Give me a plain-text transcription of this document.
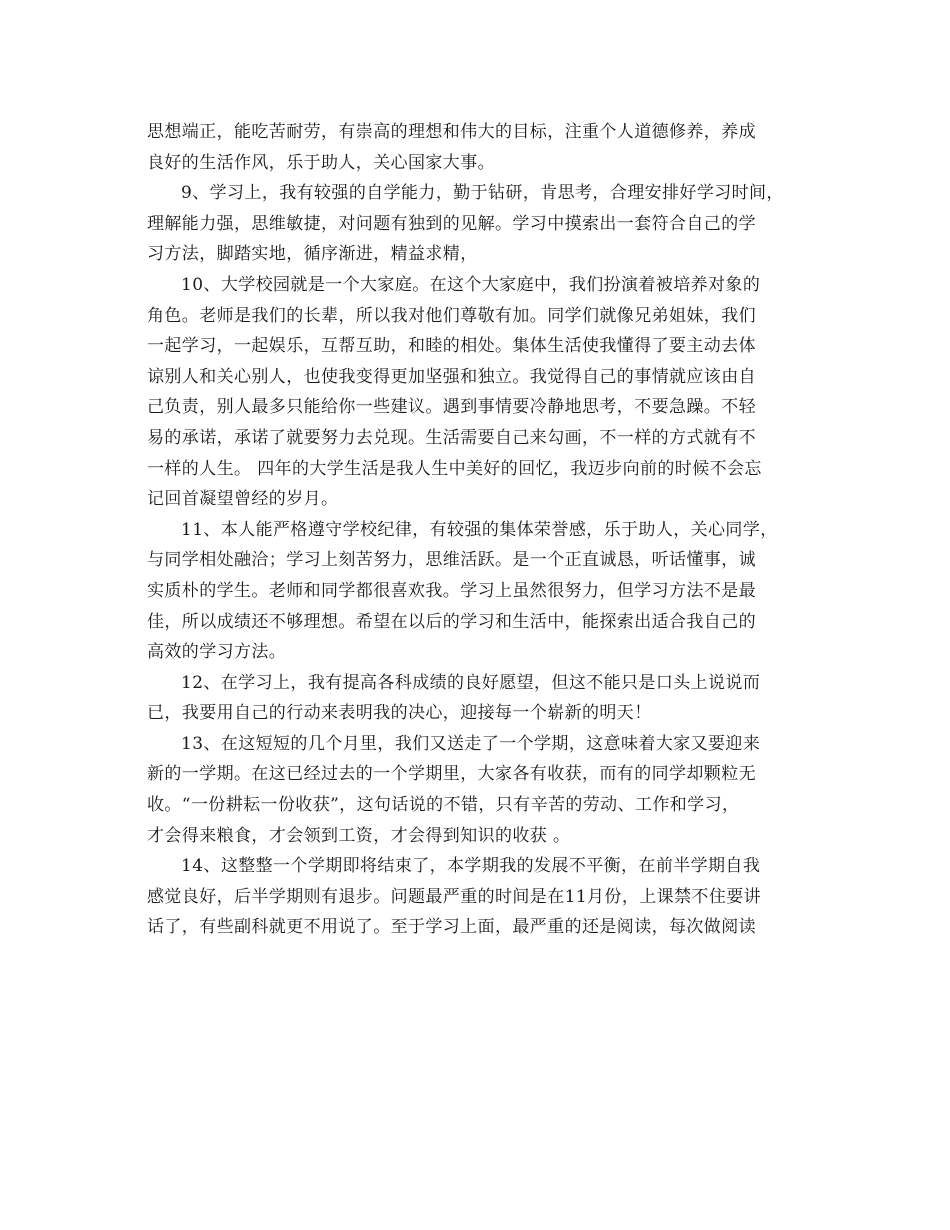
思想端正，能吃苦耐劳，有崇高的理想和伟大的目标，注重个人道德修养，养成
良好的生活作风，乐于助人，关心国家大事。
9、学习上，我有较强的自学能力，勤于钻研，肯思考，合理安排好学习时间，
理解能力强，思维敏捷，对问题有独到的见解。学习中摸索出一套符合自己的学
习方法，脚踏实地，循序渐进，精益求精，
10、大学校园就是一个大家庭。在这个大家庭中，我们扮演着被培养对象的
角色。老师是我们的长辈，所以我对他们尊敬有加。同学们就像兄弟姐妹，我们
一起学习，一起娱乐，互帮互助，和睦的相处。集体生活使我懂得了要主动去体
谅别人和关心别人，也使我变得更加坚强和独立。我觉得自己的事情就应该由自
己负责，别人最多只能给你一些建议。遇到事情要冷静地思考，不要急躁。不轻
易的承诺，承诺了就要努力去兑现。生活需要自己来勾画，不一样的方式就有不
一样的人生。 四年的大学生活是我人生中美好的回忆，我迈步向前的时候不会忘
记回首凝望曾经的岁月。
11、本人能严格遵守学校纪律，有较强的集体荣誉感，乐于助人，关心同学，
与同学相处融洽；学习上刻苦努力，思维活跃。是一个正直诚恳，听话懂事，诚
实质朴的学生。老师和同学都很喜欢我。学习上虽然很努力，但学习方法不是最
佳，所以成绩还不够理想。希望在以后的学习和生活中，能探索出适合我自己的
高效的学习方法。
12、在学习上，我有提高各科成绩的良好愿望，但这不能只是口头上说说而
已，我要用自己的行动来表明我的决心，迎接每一个崭新的明天！
13、在这短短的几个月里，我们又送走了一个学期，这意味着大家又要迎来
新的一学期。在这已经过去的一个学期里，大家各有收获，而有的同学却颗粒无
收。“一份耕耘一份收获”，这句话说的不错，只有辛苦的劳动、工作和学习，
才会得来粮食，才会领到工资，才会得到知识的收获 。
14、这整整一个学期即将结束了，本学期我的发展不平衡，在前半学期自我
感觉良好，后半学期则有退步。问题最严重的时间是在11月份，上课禁不住要讲
话了，有些副科就更不用说了。至于学习上面，最严重的还是阅读，每次做阅读
